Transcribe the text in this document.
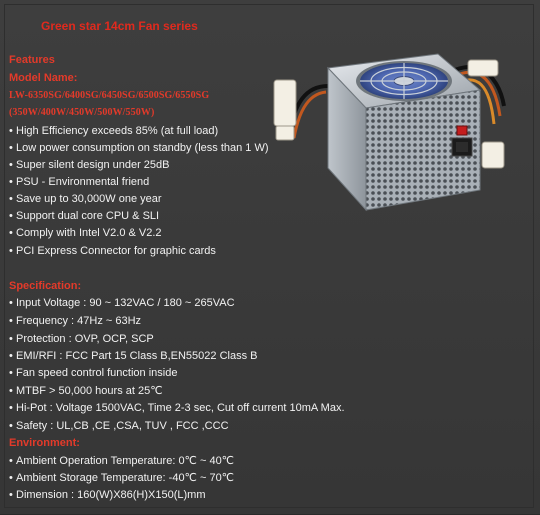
Green star 14cm Fan series
Features
Model Name:
LW-6350SG/6400SG/6450SG/6500SG/6550SG
(350W/400W/450W/500W/550W)
• High Efficiency exceeds 85% (at full load)
• Low power consumption on standby (less than 1 W)
• Super silent design under 25dB
• PSU - Environmental friend
• Save up to 30,000W one year
• Support dual core CPU & SLI
• Comply with Intel V2.0 & V2.2
• PCI Express Connector for graphic cards
Specification:
• Input Voltage : 90 ~ 132VAC / 180 ~ 265VAC
• Frequency : 47Hz ~ 63Hz
• Protection : OVP, OCP, SCP
• EMI/RFI : FCC Part 15 Class B,EN55022 Class B
• Fan speed control function inside
• MTBF > 50,000 hours at 25℃
• Hi-Pot : Voltage 1500VAC, Time 2-3 sec, Cut off current 10mA Max.
• Safety : UL,CB ,CE ,CSA, TUV , FCC ,CCC
Environment:
• Ambient Operation Temperature: 0℃ ~ 40℃
• Ambient Storage Temperature: -40℃ ~ 70℃
• Dimension : 160(W)X86(H)X150(L)mm
